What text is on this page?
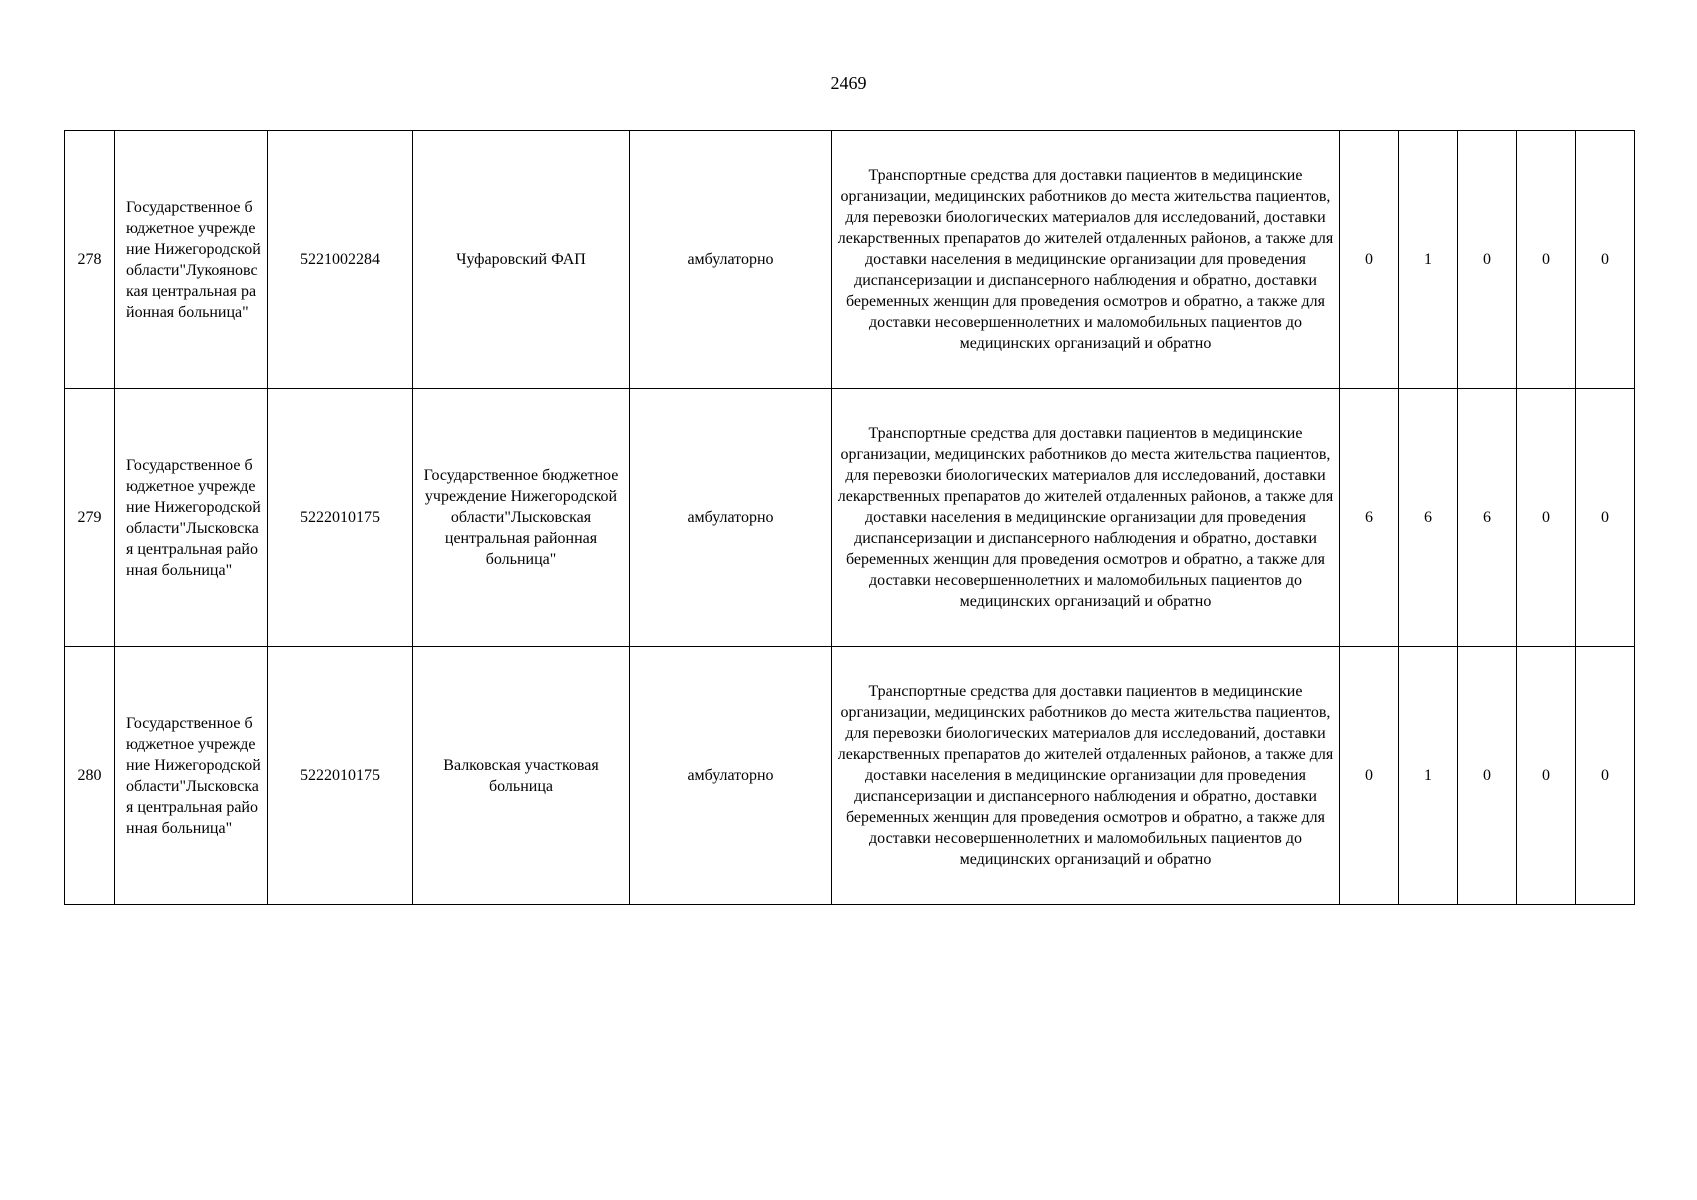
2469
278	Государственное бюджетное учреждение Нижегородской области"Лукояновская центральная районная больница"	5221002284	Чуфаровский ФАП	амбулаторно	Транспортные средства для доставки пациентов в медицинские организации, медицинских работников до места жительства пациентов, для перевозки биологических материалов для исследований, доставки лекарственных препаратов до жителей отдаленных районов, а также для доставки населения в медицинские организации для проведения диспансеризации и диспансерного наблюдения и обратно, доставки беременных женщин для проведения осмотров и обратно, а также для доставки несовершеннолетних и маломобильных пациентов до медицинских организаций и обратно	0	1	0	0	0
279	Государственное бюджетное учреждение Нижегородской области"Лысковская центральная районная больница"	5222010175	Государственное бюджетное учреждение Нижегородской области"Лысковская центральная районная больница"	амбулаторно	Транспортные средства для доставки пациентов в медицинские организации, медицинских работников до места жительства пациентов, для перевозки биологических материалов для исследований, доставки лекарственных препаратов до жителей отдаленных районов, а также для доставки населения в медицинские организации для проведения диспансеризации и диспансерного наблюдения и обратно, доставки беременных женщин для проведения осмотров и обратно, а также для доставки несовершеннолетних и маломобильных пациентов до медицинских организаций и обратно	6	6	6	0	0
280	Государственное бюджетное учреждение Нижегородской области"Лысковская центральная районная больница"	5222010175	Валковская участковая больница	амбулаторно	Транспортные средства для доставки пациентов в медицинские организации, медицинских работников до места жительства пациентов, для перевозки биологических материалов для исследований, доставки лекарственных препаратов до жителей отдаленных районов, а также для доставки населения в медицинские организации для проведения диспансеризации и диспансерного наблюдения и обратно, доставки беременных женщин для проведения осмотров и обратно, а также для доставки несовершеннолетних и маломобильных пациентов до медицинских организаций и обратно	0	1	0	0	0
